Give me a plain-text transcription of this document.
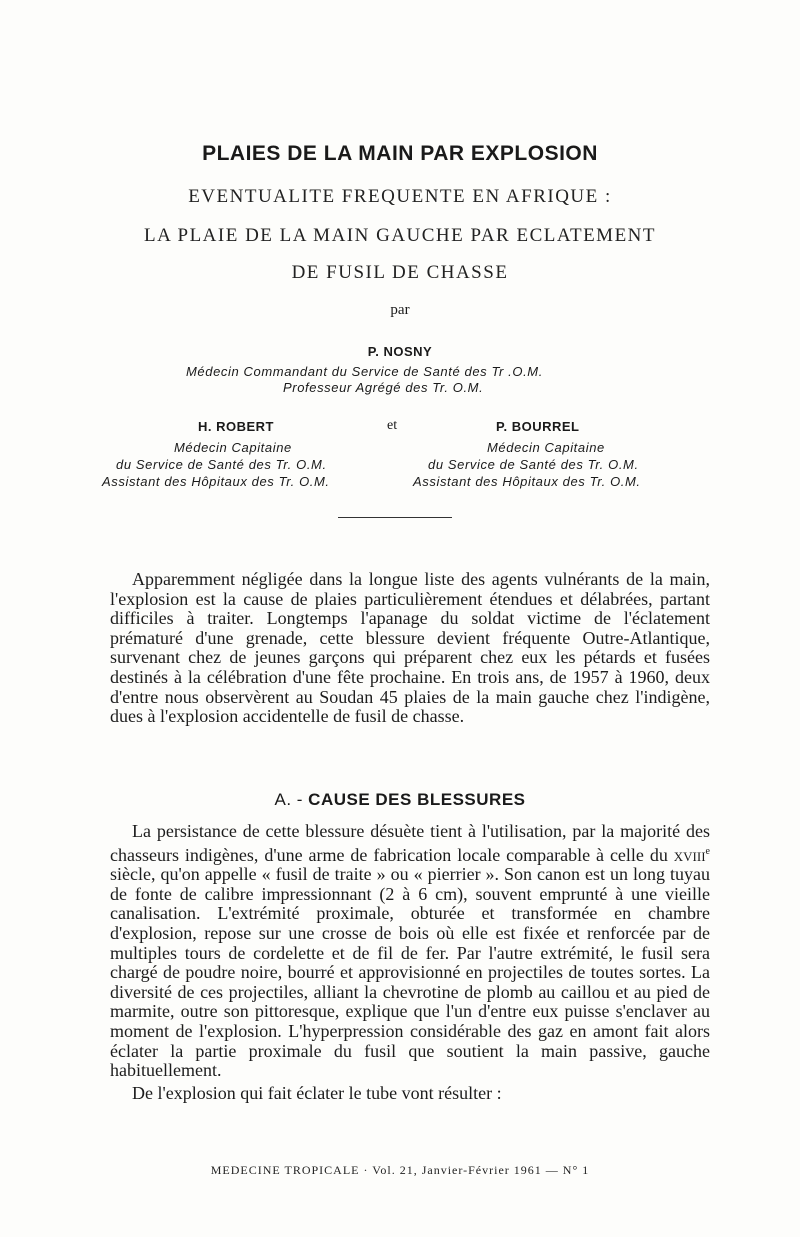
PLAIES DE LA MAIN PAR EXPLOSION
EVENTUALITE FREQUENTE EN AFRIQUE :
LA PLAIE DE LA MAIN GAUCHE PAR ECLATEMENT
DE FUSIL DE CHASSE
par
P. NOSNY
Médecin Commandant du Service de Santé des Tr .O.M.
Professeur Agrégé des Tr. O.M.
H. ROBERT	et	P. BOURREL
Médecin Capitaine
du Service de Santé des Tr. O.M.
Assistant des Hôpitaux des Tr. O.M.
Médecin Capitaine
du Service de Santé des Tr. O.M.
Assistant des Hôpitaux des Tr. O.M.

Apparemment négligée dans la longue liste des agents vulnérants de la main, l'explosion est la cause de plaies particulièrement étendues et délabrées, partant difficiles à traiter. Longtemps l'apanage du soldat victime de l'éclatement prématuré d'une grenade, cette blessure devient fréquente Outre-Atlantique, survenant chez de jeunes garçons qui préparent chez eux les pétards et fusées destinés à la célébration d'une fête prochaine. En trois ans, de 1957 à 1960, deux d'entre nous observèrent au Soudan 45 plaies de la main gauche chez l'indigène, dues à l'explosion accidentelle de fusil de chasse.

A. - CAUSE DES BLESSURES

La persistance de cette blessure désuète tient à l'utilisation, par la majorité des chasseurs indigènes, d'une arme de fabrication locale comparable à celle du xviii$^e$ siècle, qu'on appelle « fusil de traite » ou « pierrier ». Son canon est un long tuyau de fonte de calibre impressionnant (2 à 6 cm), souvent emprunté à une vieille canalisation. L'extrémité proximale, obturée et transformée en chambre d'explosion, repose sur une crosse de bois où elle est fixée et renforcée par de multiples tours de cordelette et de fil de fer. Par l'autre extrémité, le fusil sera chargé de poudre noire, bourré et approvisionné en projectiles de toutes sortes. La diversité de ces projectiles, alliant la chevrotine de plomb au caillou et au pied de marmite, outre son pittoresque, explique que l'un d'entre eux puisse s'enclaver au moment de l'explosion. L'hyperpression considérable des gaz en amont fait alors éclater la partie proximale du fusil que soutient la main passive, gauche habituellement.

De l'explosion qui fait éclater le tube vont résulter :

MEDECINE TROPICALE · Vol. 21, Janvier-Février 1961 — N° 1
